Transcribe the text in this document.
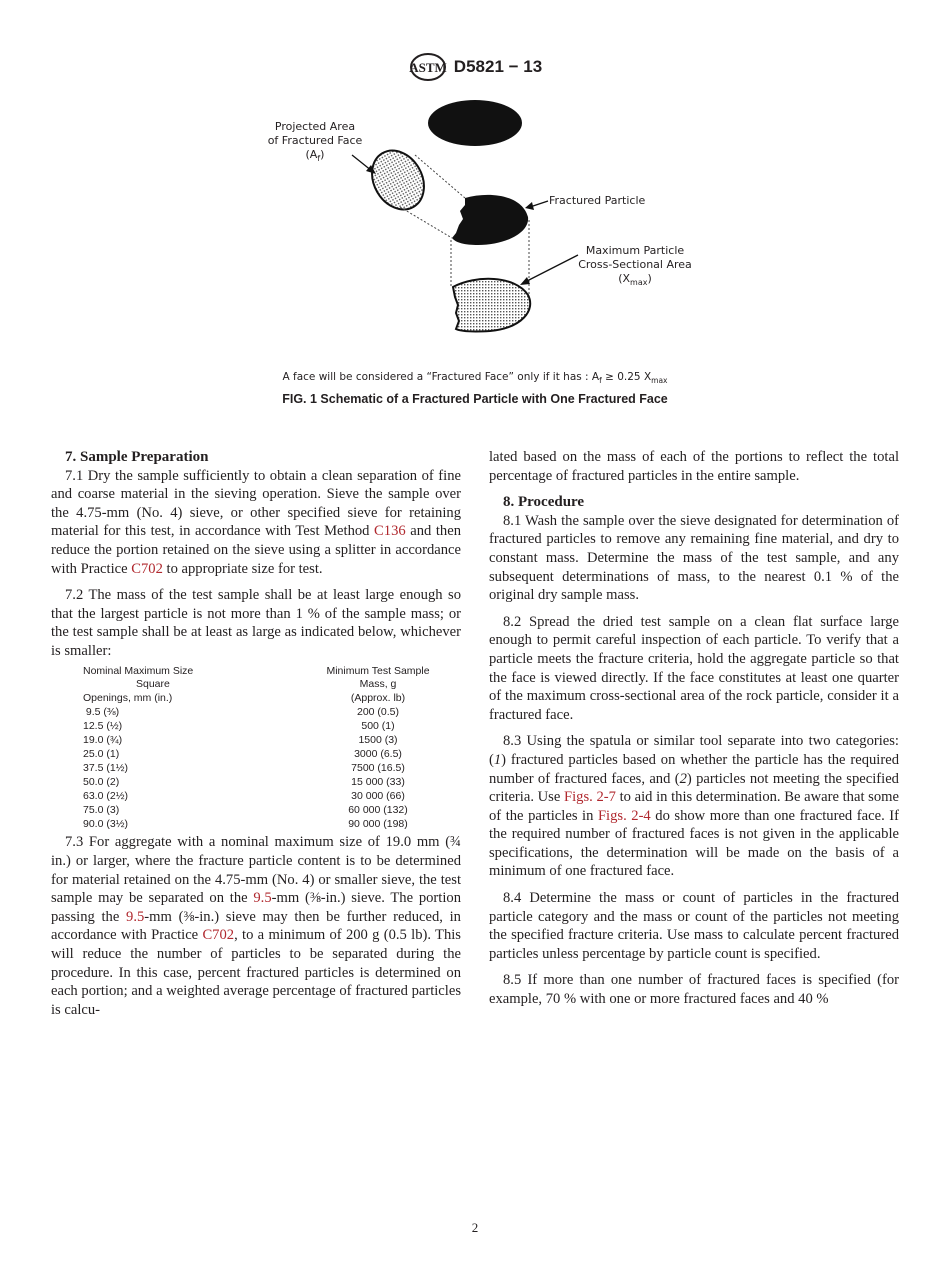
ASTM D5821 − 13
Projected Area
of Fractured Face
$(A_f)$
Fractured Particle
Maximum Particle
Cross-Sectional Area
$(X_{max})$
A face will be considered a “Fractured Face” only if it has : $A_f \ge 0.25$ $X_{max}$
FIG. 1 Schematic of a Fractured Particle with One Fractured Face

7. Sample Preparation

7.1 Dry the sample sufficiently to obtain a clean separation of fine and coarse material in the sieving operation. Sieve the sample over the 4.75-mm (No. 4) sieve, or other specified sieve for retaining material for this test, in accordance with Test Method C136 and then reduce the portion retained on the sieve using a splitter in accordance with Practice C702 to appropriate size for test.

7.2 The mass of the test sample shall be at least large enough so that the largest particle is not more than 1 % of the sample mass; or the test sample shall be at least as large as indicated below, whichever is smaller:

Nominal Maximum Size	Minimum Test Sample
Square	Mass, g
Openings, mm (in.)	(Approx. lb)
9.5 (⅜)	200 (0.5)
12.5 (½)	500 (1)
19.0 (¾)	1500 (3)
25.0 (1)	3000 (6.5)
37.5 (1½)	7500 (16.5)
50.0 (2)	15 000 (33)
63.0 (2½)	30 000 (66)
75.0 (3)	60 000 (132)
90.0 (3½)	90 000 (198)

7.3 For aggregate with a nominal maximum size of 19.0 mm (¾ in.) or larger, where the fracture particle content is to be determined for material retained on the 4.75-mm (No. 4) or smaller sieve, the test sample may be separated on the 9.5-mm (⅜-in.) sieve. The portion passing the 9.5-mm (⅜-in.) sieve may then be further reduced, in accordance with Practice C702, to a minimum of 200 g (0.5 lb). This will reduce the number of particles to be separated during the procedure. In this case, percent fractured particles is determined on each portion; and a weighted average percentage of fractured particles is calcu-

lated based on the mass of each of the portions to reflect the total percentage of fractured particles in the entire sample.

8. Procedure

8.1 Wash the sample over the sieve designated for determination of fractured particles to remove any remaining fine material, and dry to constant mass. Determine the mass of the test sample, and any subsequent determinations of mass, to the nearest 0.1 % of the original dry sample mass.

8.2 Spread the dried test sample on a clean flat surface large enough to permit careful inspection of each particle. To verify that a particle meets the fracture criteria, hold the aggregate particle so that the face is viewed directly. If the face constitutes at least one quarter of the maximum cross-sectional area of the rock particle, consider it a fractured face.

8.3 Using the spatula or similar tool separate into two categories: (1) fractured particles based on whether the particle has the required number of fractured faces, and (2) particles not meeting the specified criteria. Use Figs. 2-7 to aid in this determination. Be aware that some of the particles in Figs. 2-4 do show more than one fractured face. If the required number of fractured faces is not given in the applicable specifications, the determination will be made on the basis of a minimum of one fractured face.

8.4 Determine the mass or count of particles in the fractured particle category and the mass or count of the particles not meeting the specified fracture criteria. Use mass to calculate percent fractured particles unless percentage by particle count is specified.

8.5 If more than one number of fractured faces is specified (for example, 70 % with one or more fractured faces and 40 %

2
